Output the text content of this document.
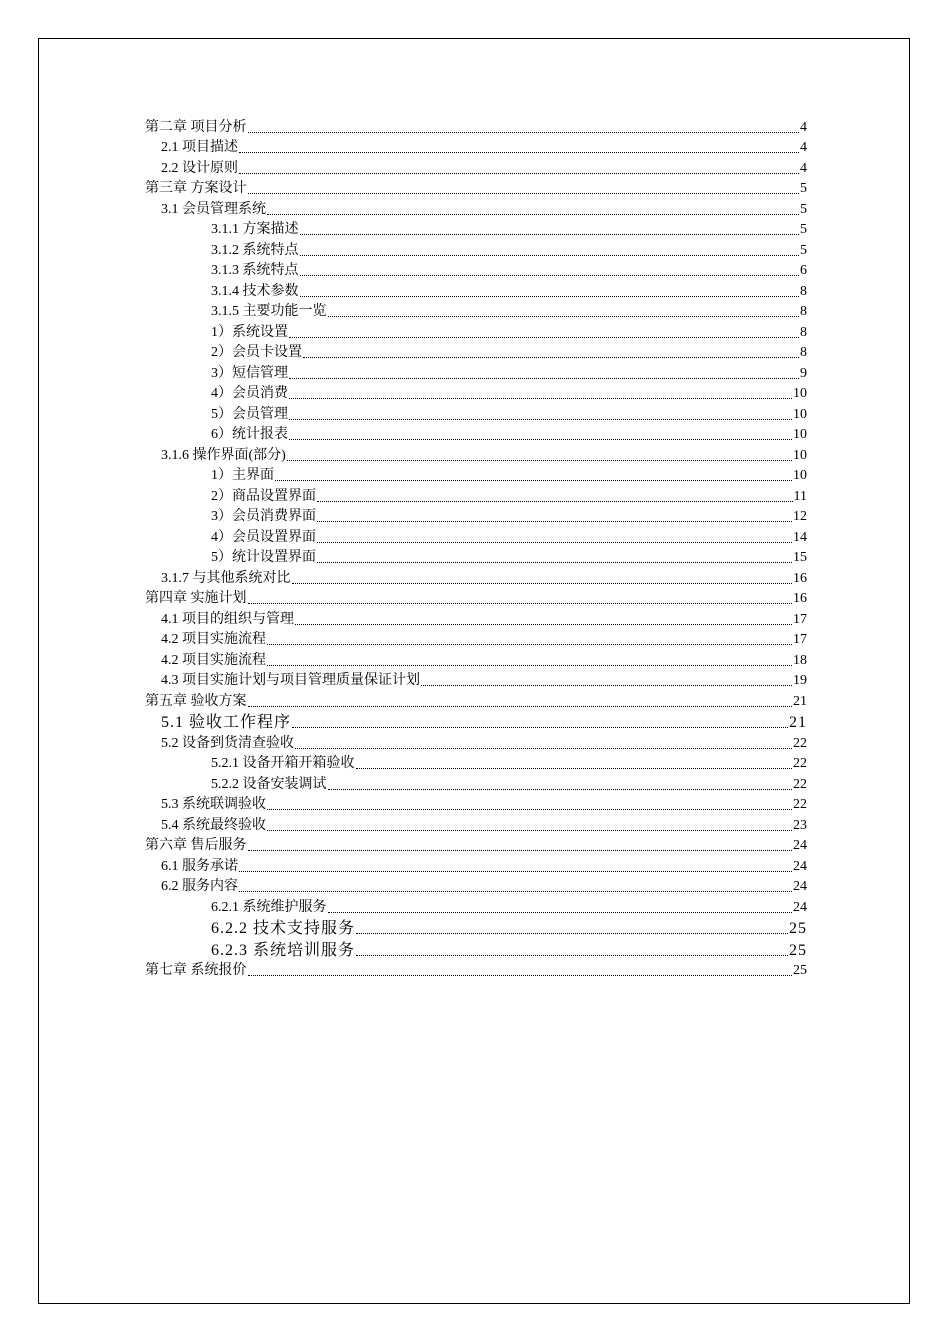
第二章 项目分析	4
2.1 项目描述	4
2.2 设计原则	4
第三章 方案设计	5
3.1 会员管理系统	5
3.1.1 方案描述	5
3.1.2 系统特点	5
3.1.3 系统特点	6
3.1.4 技术参数	8
3.1.5 主要功能一览	8
1）系统设置	8
2）会员卡设置	8
3）短信管理	9
4）会员消费	10
5）会员管理	10
6）统计报表	10
3.1.6 操作界面(部分)	10
1）主界面	10
2）商品设置界面	11
3）会员消费界面	12
4）会员设置界面	14
5）统计设置界面	15
3.1.7 与其他系统对比	16
第四章 实施计划	16
4.1 项目的组织与管理	17
4.2 项目实施流程	17
4.2 项目实施流程	18
4.3 项目实施计划与项目管理质量保证计划	19
第五章 验收方案	21
5.1 验收工作程序	21
5.2 设备到货清查验收	22
5.2.1 设备开箱开箱验收	22
5.2.2 设备安装调试	22
5.3 系统联调验收	22
5.4 系统最终验收	23
第六章 售后服务	24
6.1 服务承诺	24
6.2 服务内容	24
6.2.1 系统维护服务	24
6.2.2 技术支持服务	25
6.2.3 系统培训服务	25
第七章 系统报价	25
